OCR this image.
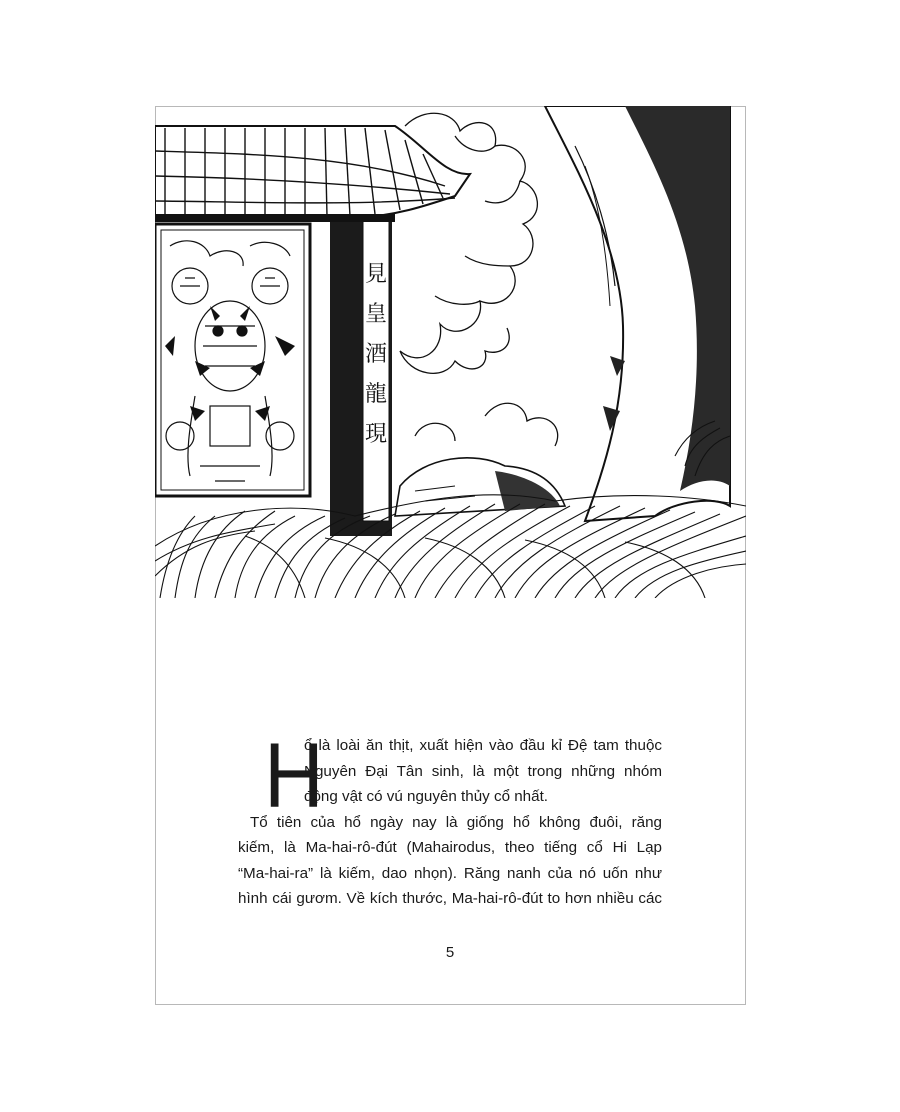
見
皇
酒
龍
現
H
ổ là loài ăn thịt, xuất hiện vào đầu kỉ Đệ tam thuộc
Nguyên Đại Tân sinh, là một trong những nhóm
động vật có vú nguyên thủy cổ nhất.
Tổ tiên của hổ ngày nay là giống hổ không đuôi, răng
kiếm, là Ma-hai-rô-đút (Mahairodus, theo tiếng cổ Hi Lạp
“Ma-hai-ra” là kiếm, dao nhọn). Răng nanh của nó uốn như
hình cái gươm. Về kích thước, Ma-hai-rô-đút to hơn nhiều các
5
